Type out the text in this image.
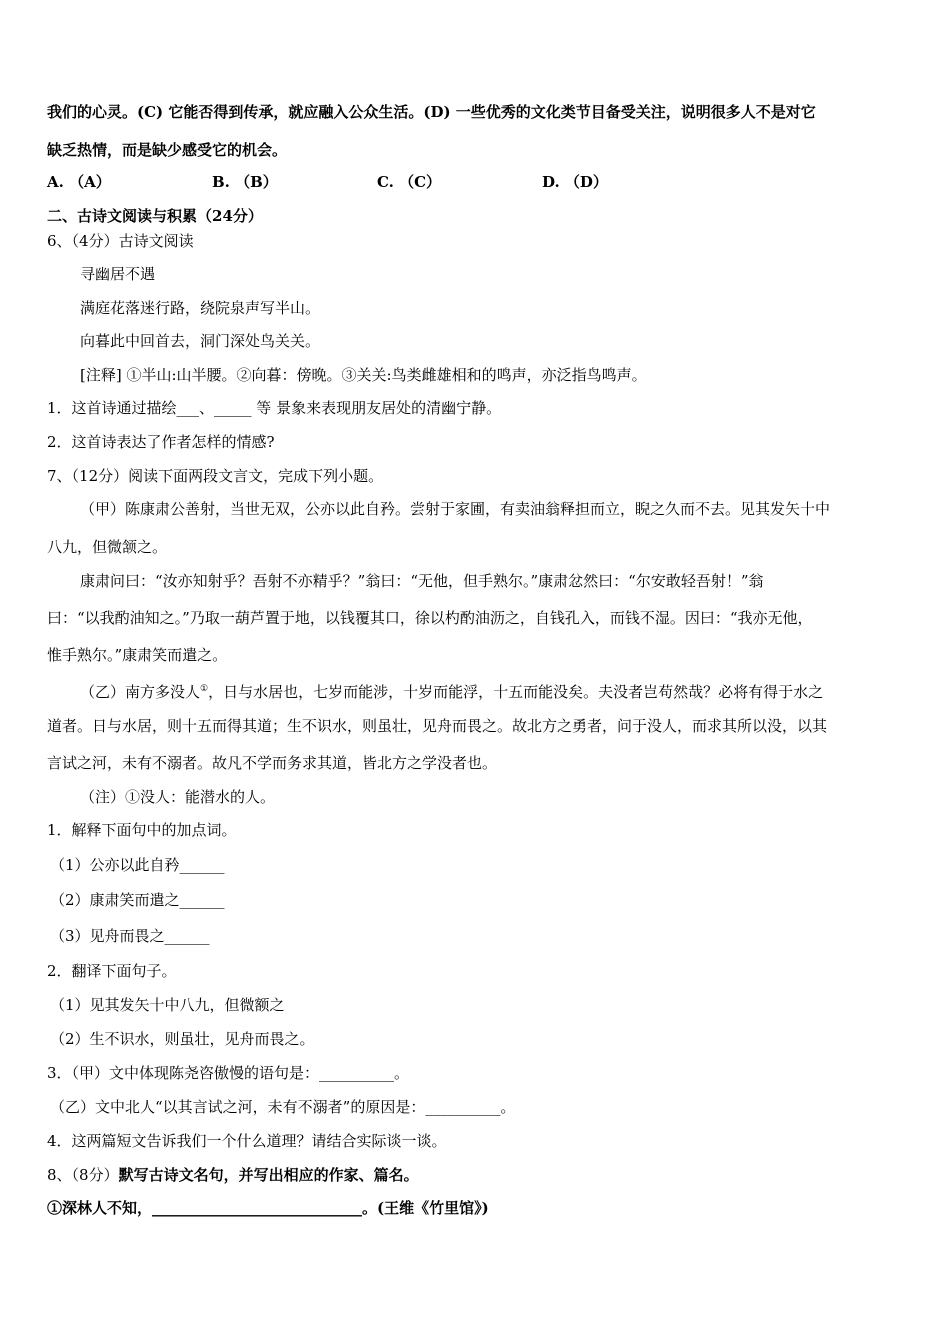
我们的心灵。(C) 它能否得到传承，就应融入公众生活。(D) 一些优秀的文化类节目备受关注，说明很多人不是对它
缺乏热情，而是缺少感受它的机会。
A. （A）	B. （B）	C. （C）	D. （D）
二、古诗文阅读与积累（24分）
6、（4分）古诗文阅读
寻幽居不遇
满庭花落迷行路，绕院泉声写半山。
向暮此中回首去，洞门深处鸟关关。
[注释] ①半山:山半腰。②向暮：傍晚。③关关:鸟类雌雄相和的鸣声，亦泛指鸟鸣声。
1．这首诗通过描绘___、_____ 等 景象来表现朋友居处的清幽宁静。
2．这首诗表达了作者怎样的情感?
7、（12分）阅读下面两段文言文，完成下列小题。
（甲）陈康肃公善射，当世无双，公亦以此自矜。尝射于家圃，有卖油翁释担而立，睨之久而不去。见其发矢十中
八九，但微颔之。
康肃问曰：“汝亦知射乎？吾射不亦精乎？”翁曰：“无他，但手熟尔。”康肃忿然曰：“尔安敢轻吾射！”翁
曰：“以我酌油知之。”乃取一葫芦置于地，以钱覆其口，徐以杓酌油沥之，自钱孔入，而钱不湿。因曰：“我亦无他，
惟手熟尔。”康肃笑而遣之。
（乙）南方多没人①，日与水居也，七岁而能涉，十岁而能浮，十五而能没矣。夫没者岂苟然哉？必将有得于水之
道者。日与水居，则十五而得其道；生不识水，则虽壮，见舟而畏之。故北方之勇者，问于没人，而求其所以没，以其
言试之河，未有不溺者。故凡不学而务求其道，皆北方之学没者也。
（注）①没人：能潜水的人。
1．解释下面句中的加点词。
（1）公亦以此自矜______
（2）康肃笑而遣之______
（3）见舟而畏之______
2．翻译下面句子。
（1）见其发矢十中八九，但微额之
（2）生不识水，则虽壮，见舟而畏之。
3．（甲）文中体现陈尧咨傲慢的语句是：__________。
（乙）文中北人“以其言试之河，未有不溺者”的原因是：__________。
4．这两篇短文告诉我们一个什么道理？请结合实际谈一谈。
8、（8分）默写古诗文名句，并写出相应的作家、篇名。
①深林人不知，____________________________。(王维《竹里馆》)
